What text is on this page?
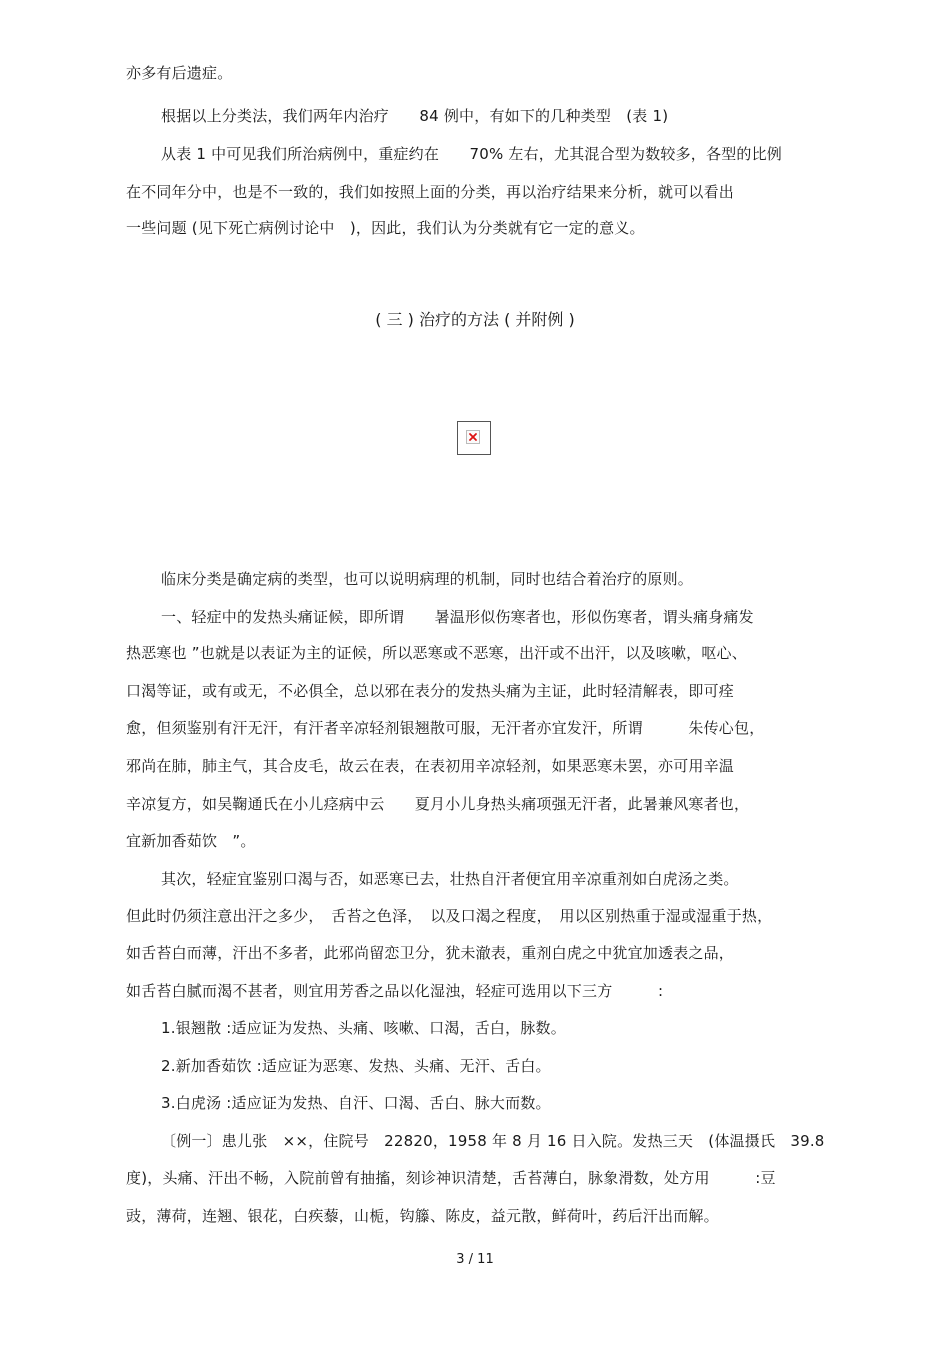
亦多有后遗症。
根据以上分类法，我们两年内治疗　　84 例中，有如下的几种类型　(表 1)
从表 1 中可见我们所治病例中，重症约在　　70% 左右，尤其混合型为数较多，各型的比例
在不同年分中，也是不一致的，我们如按照上面的分类，再以治疗结果来分析，就可以看出
一些问题 (见下死亡病例讨论中　)，因此，我们认为分类就有它一定的意义。
( 三 ) 治疗的方法 ( 并附例 )
临床分类是确定病的类型，也可以说明病理的机制，同时也结合着治疗的原则。
一、轻症中的发热头痛证候，即所谓　　暑温形似伤寒者也，形似伤寒者，谓头痛身痛发
热恶寒也 ”也就是以表证为主的证候，所以恶寒或不恶寒，出汗或不出汗，以及咳嗽，呕心、
口渴等证，或有或无，不必俱全，总以邪在表分的发热头痛为主证，此时轻清解表，即可痊
愈，但须鉴别有汗无汗，有汗者辛凉轻剂银翘散可服，无汗者亦宜发汗，所谓　　　朱传心包，
邪尚在肺，肺主气，其合皮毛，故云在表，在表初用辛凉轻剂，如果恶寒未罢，亦可用辛温
辛凉复方，如吴鞠通氏在小儿痉病中云　　夏月小儿身热头痛项强无汗者，此暑兼风寒者也，
宜新加香茹饮　”。
其次，轻症宜鉴别口渴与否，如恶寒已去，壮热自汗者便宜用辛凉重剂如白虎汤之类。
但此时仍须注意出汗之多少，　舌苔之色泽，　以及口渴之程度，　用以区别热重于湿或湿重于热，
如舌苔白而薄，汗出不多者，此邪尚留恋卫分，犹未澈表，重剂白虎之中犹宜加透表之品，
如舌苔白腻而渴不甚者，则宜用芳香之品以化湿浊，轻症可选用以下三方　　　:
1.银翘散 :适应证为发热、头痛、咳嗽、口渴，舌白，脉数。
2.新加香茹饮 :适应证为恶寒、发热、头痛、无汗、舌白。
3.白虎汤 :适应证为发热、自汗、口渴、舌白、脉大而数。
〔例一〕患儿张　××，住院号　22820，1958 年 8 月 16 日入院。发热三天　(体温摄氏　39.8
度)，头痛、汗出不畅，入院前曾有抽搐，刻诊神识清楚，舌苔薄白，脉象滑数，处方用　　　:豆
豉，薄荷，连翘、银花，白疾藜，山栀，钩籐、陈皮，益元散，鲜荷叶，药后汗出而解。
3 / 11
